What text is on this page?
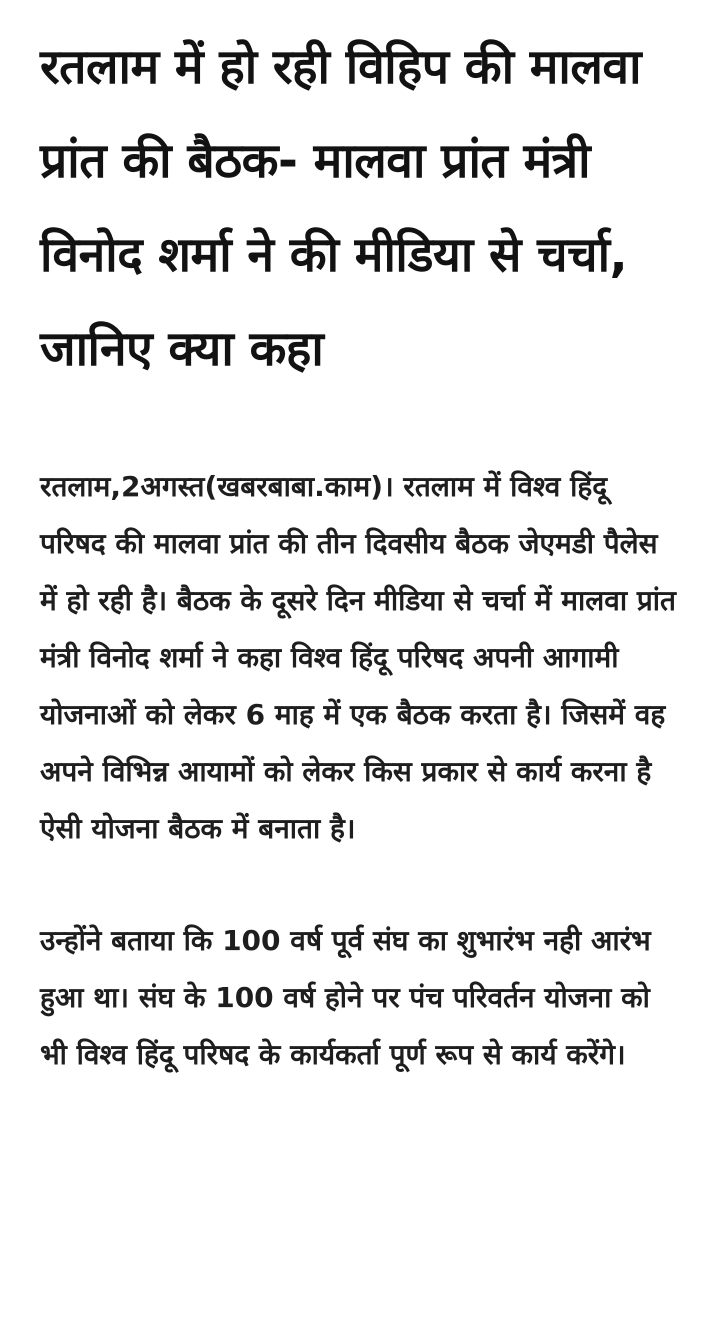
रतलाम में हो रही विहिप की मालवा प्रांत की बैठक- मालवा प्रांत मंत्री विनोद शर्मा ने की मीडिया से चर्चा, जानिए क्या कहा

रतलाम,2अगस्त(खबरबाबा.काम)। रतलाम में विश्व हिंदू परिषद की मालवा प्रांत की तीन दिवसीय बैठक जेएमडी पैलेस में हो रही है। बैठक के दूसरे दिन मीडिया से चर्चा में मालवा प्रांत मंत्री विनोद शर्मा ने कहा विश्व हिंदू परिषद अपनी आगामी योजनाओं को लेकर 6 माह में एक बैठक करता है। जिसमें वह अपने विभिन्न आयामों को लेकर किस प्रकार से कार्य करना है ऐसी योजना बैठक में बनाता है।

उन्होंने बताया कि 100 वर्ष पूर्व संघ का शुभारंभ नही आरंभ हुआ था। संघ के 100 वर्ष होने पर पंच परिवर्तन योजना को भी विश्व हिंदू परिषद के कार्यकर्ता पूर्ण रूप से कार्य करेंगे।
